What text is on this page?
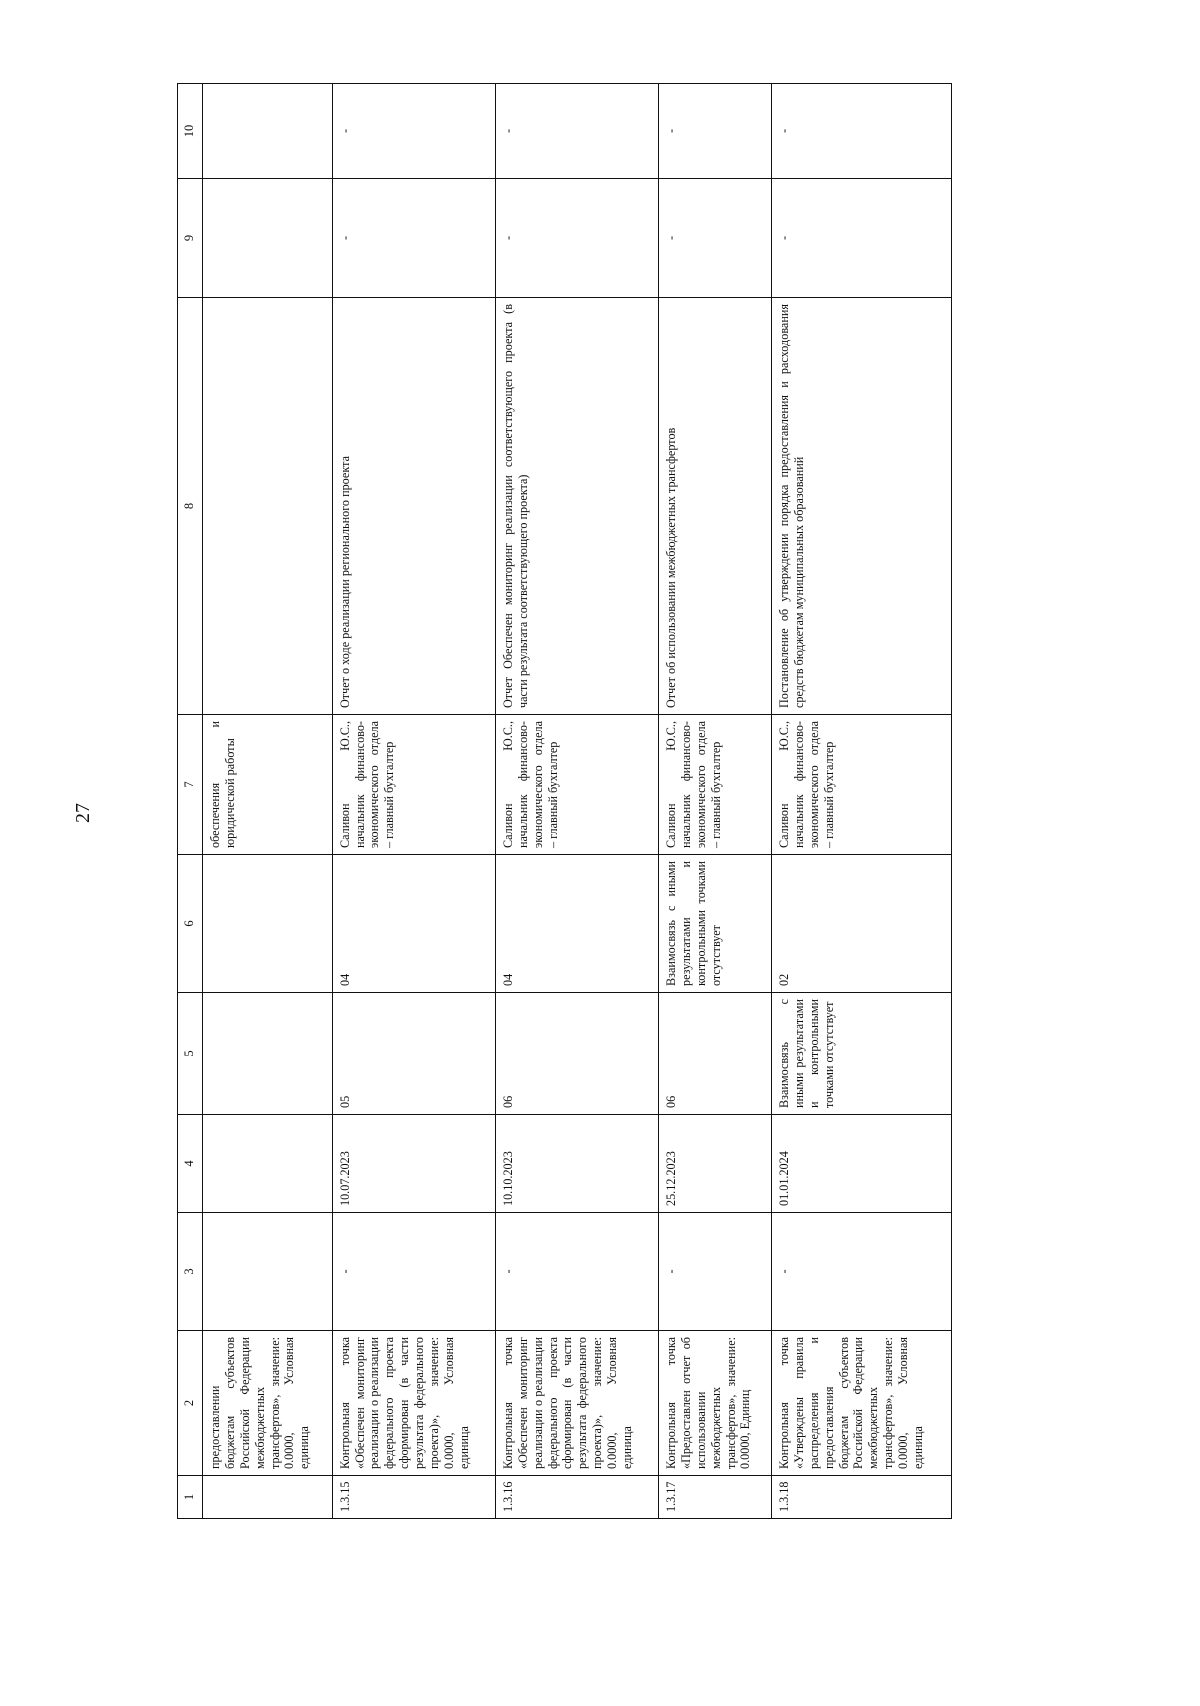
27
1	2	3	4	5	6	7	8	9	10
	предоставлении бюджетам субъектов Российской Федерации межбюджетных трансфертов», значение: 0.0000, Условная единица					обеспечения и юридической работы			
1.3.15	Контрольная точка «Обеспечен мониторинг реализации о реализации федерального проекта сформирован (в части результата федерального проекта)», значение: 0.0000, Условная единица	-	10.07.2023	05	04	Саливон Ю.С., начальник финансово-экономического отдела – главный бухгалтер	Отчет о ходе реализации регионального проекта	-	-
1.3.16	Контрольная точка «Обеспечен мониторинг реализации о реализации федерального проекта сформирован (в части результата федерального проекта)», значение: 0.0000, Условная единица	-	10.10.2023	06	04	Саливон Ю.С., начальник финансово-экономического отдела – главный бухгалтер	Отчет Обеспечен мониторинг реализации соответствующего проекта (в части результата соответствующего проекта)	-	-
1.3.17	Контрольная точка «Предоставлен отчет об использовании межбюджетных трансфертов», значение: 0.0000, Единиц	-	25.12.2023	06	Взаимосвязь с иными результатами и контрольными точками отсутствует	Саливон Ю.С., начальник финансово-экономического отдела – главный бухгалтер	Отчет об использовании межбюджетных трансфертов	-	-
1.3.18	Контрольная точка «Утверждены правила распределения и предоставления бюджетам субъектов Российской Федерации межбюджетных трансфертов», значение: 0.0000, Условная единица	-	01.01.2024	Взаимосвязь с иными результатами и контрольными точками отсутствует	02	Саливон Ю.С., начальник финансово-экономического отдела – главный бухгалтер	Постановление об утверждении порядка предоставления и расходования средств бюджетам муниципальных образований	-	-
